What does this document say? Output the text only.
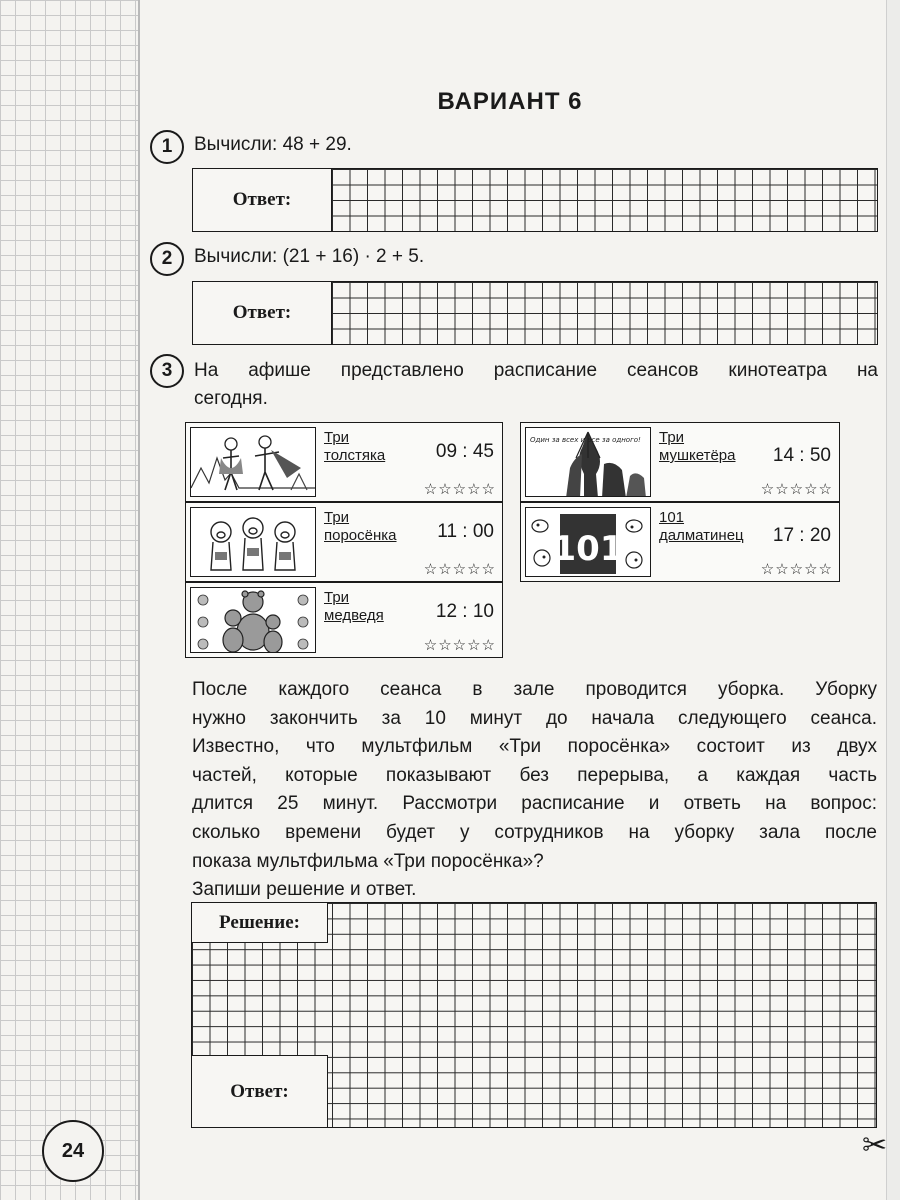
ВАРИАНТ 6
1	Вычисли: 48 + 29.
Ответ:
2	Вычисли: (21 + 16) · 2 + 5.
Ответ:
3	На афише представлено расписание сеансов кинотеатра на
сегодня.
Три
толстяка	09 : 45
☆☆☆☆☆
Три
поросёнка 11 : 00
☆☆☆☆☆
Три
медведя	12 : 10
☆☆☆☆☆
Один за всех и все за одного! Три
мушкетёра 14 : 50
☆☆☆☆☆
101
101
далматинец 17 : 20
☆☆☆☆☆
После каждого сеанса в зале проводится уборка. Уборку
нужно закончить за 10 минут до начала следующего сеанса.
Известно, что мультфильм «Три поросёнка» состоит из двух
частей, которые показывают без перерыва, а каждая часть
длится 25 минут. Рассмотри расписание и ответь на вопрос:
сколько времени будет у сотрудников на уборку зала после
показа мультфильма «Три поросёнка»?
Запиши решение и ответ.
Решение:
Ответ:
24	✂
